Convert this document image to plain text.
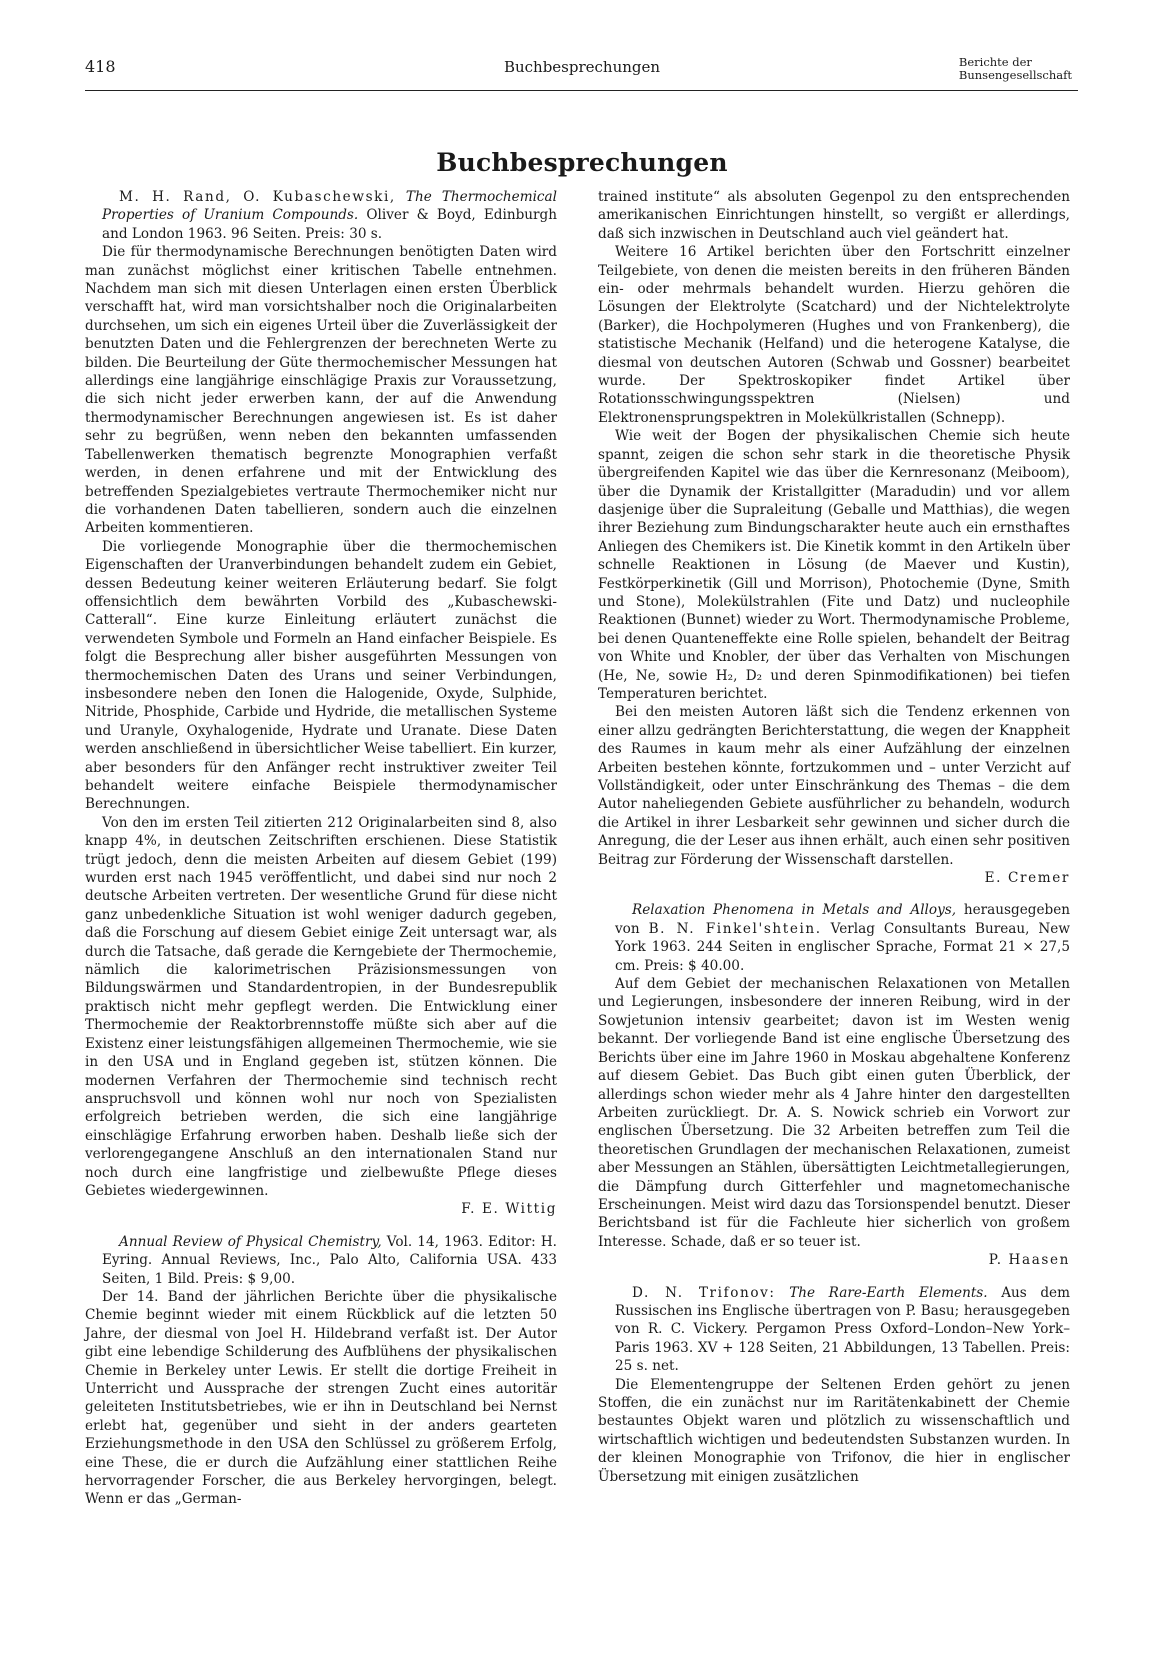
418	Buchbesprechungen	Berichte der
Bunsengesellschaft
Buchbesprechungen

M. H. Rand, O. Kubaschewski, The Thermochemical Properties of Uranium Compounds. Oliver & Boyd, Edinburgh and London 1963. 96 Seiten. Preis: 30 s.

Die für thermodynamische Berechnungen benötigten Daten wird man zunächst möglichst einer kritischen Tabelle entnehmen. Nachdem man sich mit diesen Unterlagen einen ersten Überblick verschafft hat, wird man vorsichtshalber noch die Originalarbeiten durchsehen, um sich ein eigenes Urteil über die Zuverlässigkeit der benutzten Daten und die Fehlergrenzen der berechneten Werte zu bilden. Die Beurteilung der Güte thermochemischer Messungen hat allerdings eine langjährige einschlägige Praxis zur Voraussetzung, die sich nicht jeder erwerben kann, der auf die Anwendung thermodynamischer Berechnungen angewiesen ist. Es ist daher sehr zu begrüßen, wenn neben den bekannten umfassenden Tabellenwerken thematisch begrenzte Monographien verfaßt werden, in denen erfahrene und mit der Entwicklung des betreffenden Spezialgebietes vertraute Thermochemiker nicht nur die vorhandenen Daten tabellieren, sondern auch die einzelnen Arbeiten kommentieren.

Die vorliegende Monographie über die thermochemischen Eigenschaften der Uranverbindungen behandelt zudem ein Gebiet, dessen Bedeutung keiner weiteren Erläuterung bedarf. Sie folgt offensichtlich dem bewährten Vorbild des „Kubaschewski-Catterall“. Eine kurze Einleitung erläutert zunächst die verwendeten Symbole und Formeln an Hand einfacher Beispiele. Es folgt die Besprechung aller bisher ausgeführten Messungen von thermochemischen Daten des Urans und seiner Verbindungen, insbesondere neben den Ionen die Halogenide, Oxyde, Sulphide, Nitride, Phosphide, Carbide und Hydride, die metallischen Systeme und Uranyle, Oxyhalogenide, Hydrate und Uranate. Diese Daten werden anschließend in übersichtlicher Weise tabelliert. Ein kurzer, aber besonders für den Anfänger recht instruktiver zweiter Teil behandelt weitere einfache Beispiele thermodynamischer Berechnungen.

Von den im ersten Teil zitierten 212 Originalarbeiten sind 8, also knapp 4%, in deutschen Zeitschriften erschienen. Diese Statistik trügt jedoch, denn die meisten Arbeiten auf diesem Gebiet (199) wurden erst nach 1945 veröffentlicht, und dabei sind nur noch 2 deutsche Arbeiten vertreten. Der wesentliche Grund für diese nicht ganz unbedenkliche Situation ist wohl weniger dadurch gegeben, daß die Forschung auf diesem Gebiet einige Zeit untersagt war, als durch die Tatsache, daß gerade die Kerngebiete der Thermochemie, nämlich die kalorimetrischen Präzisionsmessungen von Bildungswärmen und Standardentropien, in der Bundesrepublik praktisch nicht mehr gepflegt werden. Die Entwicklung einer Thermochemie der Reaktorbrennstoffe müßte sich aber auf die Existenz einer leistungsfähigen allgemeinen Thermochemie, wie sie in den USA und in England gegeben ist, stützen können. Die modernen Verfahren der Thermochemie sind technisch recht anspruchsvoll und können wohl nur noch von Spezialisten erfolgreich betrieben werden, die sich eine langjährige einschlägige Erfahrung erworben haben. Deshalb ließe sich der verlorengegangene Anschluß an den internationalen Stand nur noch durch eine langfristige und zielbewußte Pflege dieses Gebietes wiedergewinnen.

F. E. Wittig

Annual Review of Physical Chemistry, Vol. 14, 1963. Editor: H. Eyring. Annual Reviews, Inc., Palo Alto, California USA. 433 Seiten, 1 Bild. Preis: $ 9,00.

Der 14. Band der jährlichen Berichte über die physikalische Chemie beginnt wieder mit einem Rückblick auf die letzten 50 Jahre, der diesmal von Joel H. Hildebrand verfaßt ist. Der Autor gibt eine lebendige Schilderung des Aufblühens der physikalischen Chemie in Berkeley unter Lewis. Er stellt die dortige Freiheit in Unterricht und Aussprache der strengen Zucht eines autoritär geleiteten Institutsbetriebes, wie er ihn in Deutschland bei Nernst erlebt hat, gegenüber und sieht in der anders gearteten Erziehungsmethode in den USA den Schlüssel zu größerem Erfolg, eine These, die er durch die Aufzählung einer stattlichen Reihe hervorragender Forscher, die aus Berkeley hervorgingen, belegt. Wenn er das „German-

trained institute“ als absoluten Gegenpol zu den entsprechenden amerikanischen Einrichtungen hinstellt, so vergißt er allerdings, daß sich inzwischen in Deutschland auch viel geändert hat.

Weitere 16 Artikel berichten über den Fortschritt einzelner Teilgebiete, von denen die meisten bereits in den früheren Bänden ein- oder mehrmals behandelt wurden. Hierzu gehören die Lösungen der Elektrolyte (Scatchard) und der Nichtelektrolyte (Barker), die Hochpolymeren (Hughes und von Frankenberg), die statistische Mechanik (Helfand) und die heterogene Katalyse, die diesmal von deutschen Autoren (Schwab und Gossner) bearbeitet wurde. Der Spektroskopiker findet Artikel über Rotationsschwingungsspektren (Nielsen) und Elektronensprungspektren in Molekülkristallen (Schnepp).

Wie weit der Bogen der physikalischen Chemie sich heute spannt, zeigen die schon sehr stark in die theoretische Physik übergreifenden Kapitel wie das über die Kernresonanz (Meiboom), über die Dynamik der Kristallgitter (Maradudin) und vor allem dasjenige über die Supraleitung (Geballe und Matthias), die wegen ihrer Beziehung zum Bindungscharakter heute auch ein ernsthaftes Anliegen des Chemikers ist. Die Kinetik kommt in den Artikeln über schnelle Reaktionen in Lösung (de Maever und Kustin), Festkörperkinetik (Gill und Morrison), Photochemie (Dyne, Smith und Stone), Molekülstrahlen (Fite und Datz) und nucleophile Reaktionen (Bunnet) wieder zu Wort. Thermodynamische Probleme, bei denen Quanteneffekte eine Rolle spielen, behandelt der Beitrag von White und Knobler, der über das Verhalten von Mischungen (He, Ne, sowie H₂, D₂ und deren Spinmodifikationen) bei tiefen Temperaturen berichtet.

Bei den meisten Autoren läßt sich die Tendenz erkennen von einer allzu gedrängten Berichterstattung, die wegen der Knappheit des Raumes in kaum mehr als einer Aufzählung der einzelnen Arbeiten bestehen könnte, fortzukommen und – unter Verzicht auf Vollständigkeit, oder unter Einschränkung des Themas – die dem Autor naheliegenden Gebiete ausführlicher zu behandeln, wodurch die Artikel in ihrer Lesbarkeit sehr gewinnen und sicher durch die Anregung, die der Leser aus ihnen erhält, auch einen sehr positiven Beitrag zur Förderung der Wissenschaft darstellen.

E. Cremer

Relaxation Phenomena in Metals and Alloys, herausgegeben von B. N. Finkel'shtein. Verlag Consultants Bureau, New York 1963. 244 Seiten in englischer Sprache, Format 21 × 27,5 cm. Preis: $ 40.00.

Auf dem Gebiet der mechanischen Relaxationen von Metallen und Legierungen, insbesondere der inneren Reibung, wird in der Sowjetunion intensiv gearbeitet; davon ist im Westen wenig bekannt. Der vorliegende Band ist eine englische Übersetzung des Berichts über eine im Jahre 1960 in Moskau abgehaltene Konferenz auf diesem Gebiet. Das Buch gibt einen guten Überblick, der allerdings schon wieder mehr als 4 Jahre hinter den dargestellten Arbeiten zurückliegt. Dr. A. S. Nowick schrieb ein Vorwort zur englischen Übersetzung. Die 32 Arbeiten betreffen zum Teil die theoretischen Grundlagen der mechanischen Relaxationen, zumeist aber Messungen an Stählen, übersättigten Leichtmetallegierungen, die Dämpfung durch Gitterfehler und magnetomechanische Erscheinungen. Meist wird dazu das Torsionspendel benutzt. Dieser Berichtsband ist für die Fachleute hier sicherlich von großem Interesse. Schade, daß er so teuer ist.

P. Haasen

D. N. Trifonov: The Rare-Earth Elements. Aus dem Russischen ins Englische übertragen von P. Basu; herausgegeben von R. C. Vickery. Pergamon Press Oxford–London–New York–Paris 1963. XV + 128 Seiten, 21 Abbildungen, 13 Tabellen. Preis: 25 s. net.

Die Elementengruppe der Seltenen Erden gehört zu jenen Stoffen, die ein zunächst nur im Raritätenkabinett der Chemie bestauntes Objekt waren und plötzlich zu wissenschaftlich und wirtschaftlich wichtigen und bedeutendsten Substanzen wurden. In der kleinen Monographie von Trifonov, die hier in englischer Übersetzung mit einigen zusätzlichen
